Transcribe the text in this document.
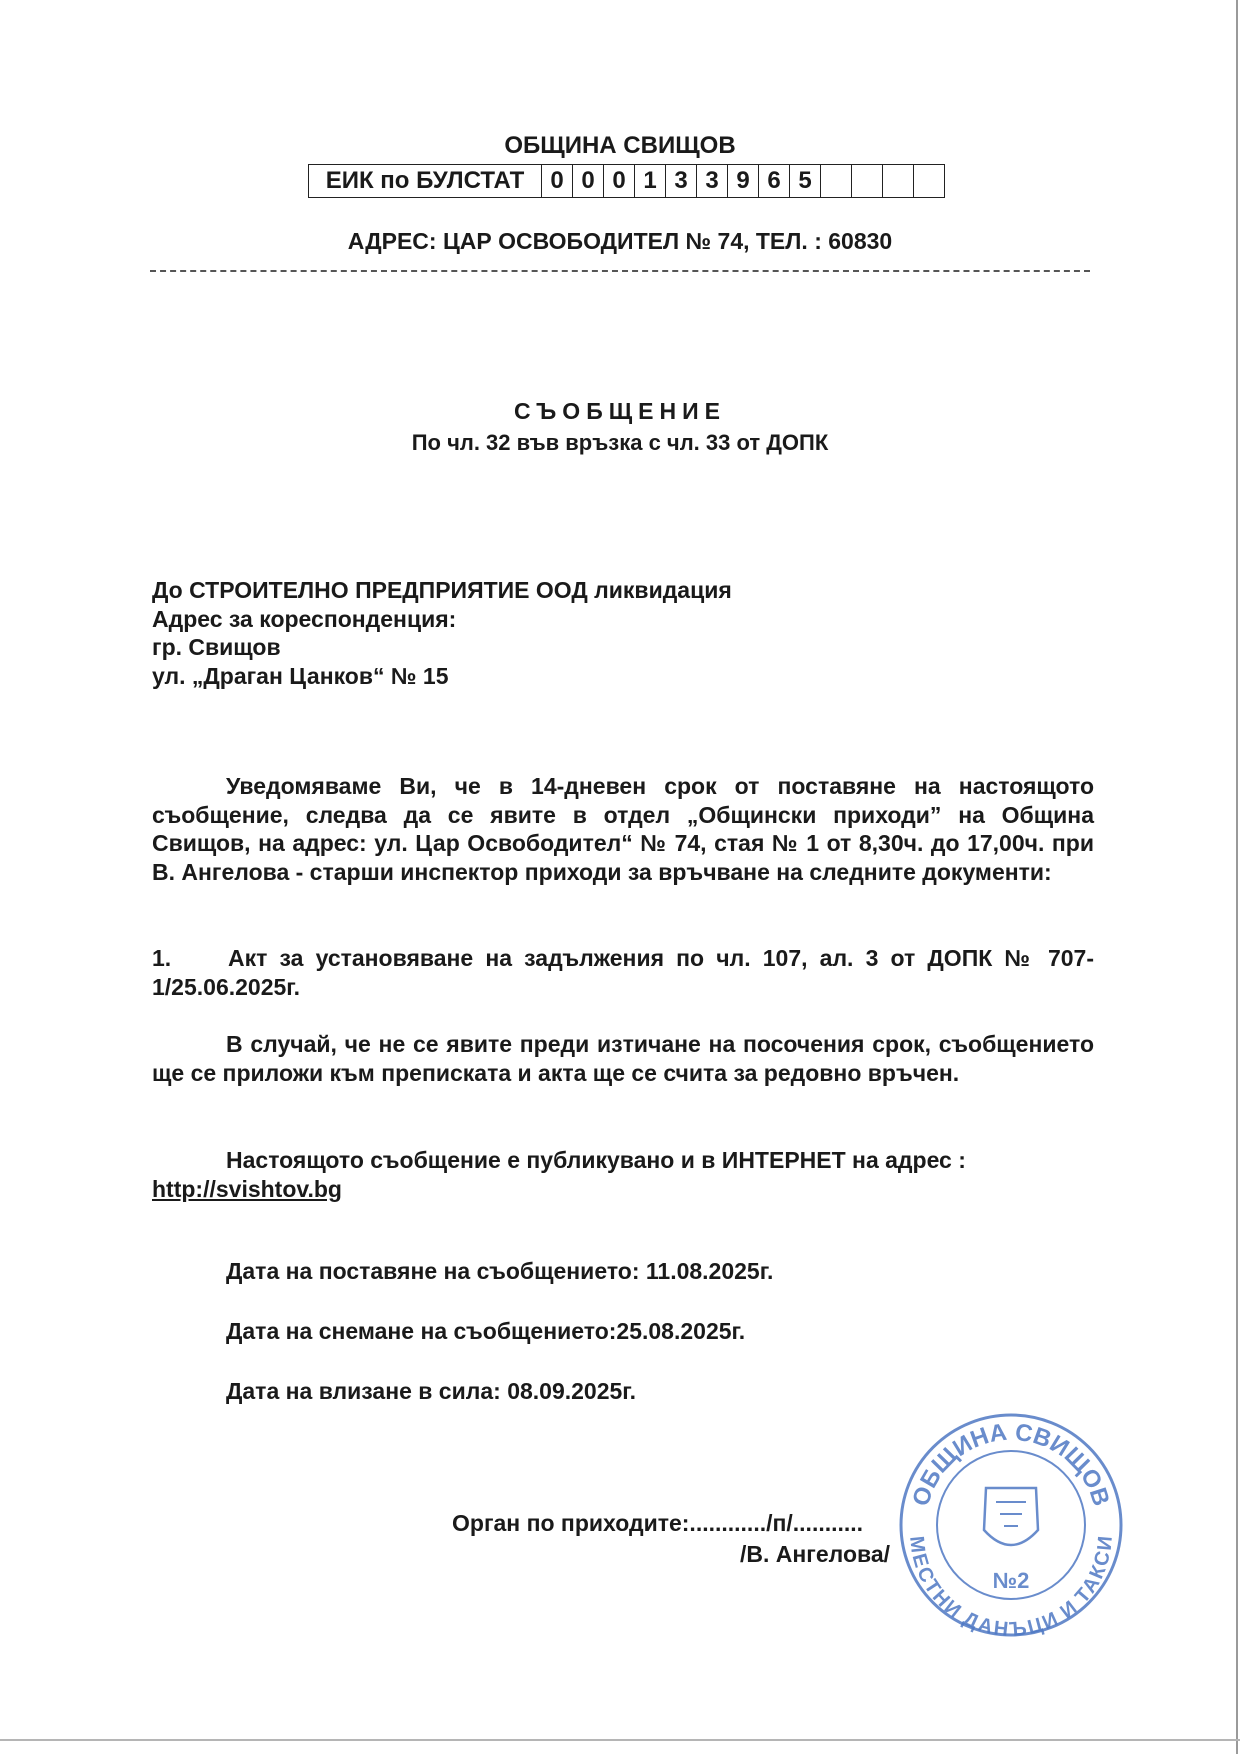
ОБЩИНА СВИЩОВ
ЕИК по БУЛСТАТ	0	0	0	1	3	3	9	6	5				
АДРЕС: ЦАР ОСВОБОДИТЕЛ № 74, ТЕЛ. : 60830
СЪОБЩЕНИЕ
По чл. 32 във връзка с чл. 33 от ДОПК
До СТРОИТЕЛНО ПРЕДПРИЯТИЕ ООД ликвидация
Адрес за кореспонденция:
гр. Свищов
ул. „Драган Цанков“ № 15
Уведомяваме Ви, че в 14-дневен срок от поставяне на настоящото съобщение, следва да се явите в отдел „Общински приходи” на Община Свищов, на адрес: ул. Цар Освободител“ № 74, стая № 1 от 8,30ч. до 17,00ч. при В. Ангелова - старши инспектор приходи за връчване на следните документи:
1. Акт за установяване на задължения по чл. 107, ал. 3 от ДОПК № 707-1/25.06.2025г.
В случай, че не се явите преди изтичане на посочения срок, съобщението ще се приложи към преписката и акта ще се счита за редовно връчен.
Настоящото съобщение е публикувано и в ИНТЕРНЕТ на адрес :
http://svishtov.bg
Дата на поставяне на съобщението: 11.08.2025г.
Дата на снемане на съобщението:25.08.2025г.
Дата на влизане в сила: 08.09.2025г.
ОБЩИНА СВИЩОВ
МЕСТНИ ДАНЪЦИ И ТАКСИ
№2
Орган по приходите:............/п/...........
/В. Ангелова/
